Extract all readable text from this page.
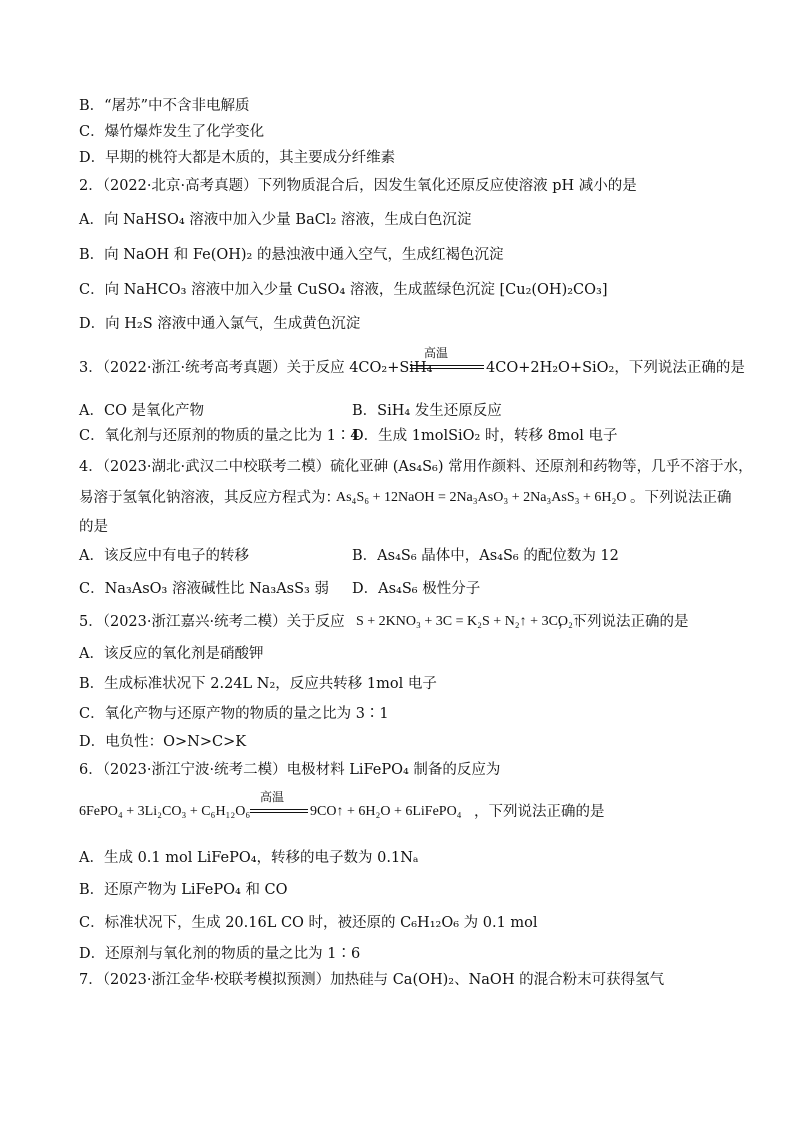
B．“屠苏”中不含非电解质
C．爆竹爆炸发生了化学变化
D．早期的桃符大都是木质的，其主要成分纤维素
2．（2022·北京·高考真题）下列物质混合后，因发生氧化还原反应使溶液 pH 减小的是
A．向 NaHSO₄ 溶液中加入少量 BaCl₂ 溶液，生成白色沉淀
B．向 NaOH 和 Fe(OH)₂ 的悬浊液中通入空气，生成红褐色沉淀
C．向 NaHCO₃ 溶液中加入少量 CuSO₄ 溶液，生成蓝绿色沉淀 [Cu₂(OH)₂CO₃]
D．向 H₂S 溶液中通入氯气，生成黄色沉淀
3．（2022·浙江·统考高考真题）关于反应 4CO₂+SiH₄
高温
4CO+2H₂O+SiO₂，下列说法正确的是
A．CO 是氧化产物	B．SiH₄ 发生还原反应
C．氧化剂与还原剂的物质的量之比为 1∶4
D．生成 1molSiO₂ 时，转移 8mol 电子
4．（2023·湖北·武汉二中校联考二模）硫化亚砷 (As₄S₆) 常用作颜料、还原剂和药物等，几乎不溶于水，
易溶于氢氧化钠溶液，其反应方程式为：
As₄S₆ + 12NaOH = 2Na₃AsO₃ + 2Na₃AsS₃ + 6H₂O 。下列说法正确
的是
A．该反应中有电子的转移	B．As₄S₆ 晶体中，As₄S₆ 的配位数为 12
C．Na₃AsO₃ 溶液碱性比 Na₃AsS₃ 弱 D．As₄S₆ 极性分子
5．（2023·浙江嘉兴·统考二模）关于反应 S + 2KNO₃ + 3C = K₂S + N₂↑ + 3CO₂↑
，下列说法正确的是
A．该反应的氧化剂是硝酸钾
B．生成标准状况下 2.24L N₂，反应共转移 1mol 电子
C．氧化产物与还原产物的物质的量之比为 3∶1
D．电负性：O>N>C>K
6．（2023·浙江宁波·统考二模）电极材料 LiFePO₄ 制备的反应为
6FePO₄ + 3Li₂CO₃ + C₆H₁₂O₆
高温
9CO↑ + 6H₂O + 6LiFePO₄ ，下列说法正确的是
A．生成 0.1 mol LiFePO₄，转移的电子数为 0.1Nₐ
B．还原产物为 LiFePO₄ 和 CO
C．标准状况下，生成 20.16L CO 时，被还原的 C₆H₁₂O₆ 为 0.1 mol
D．还原剂与氧化剂的物质的量之比为 1∶6
7．（2023·浙江金华·校联考模拟预测）加热硅与 Ca(OH)₂、NaOH 的混合粉末可获得氢气
